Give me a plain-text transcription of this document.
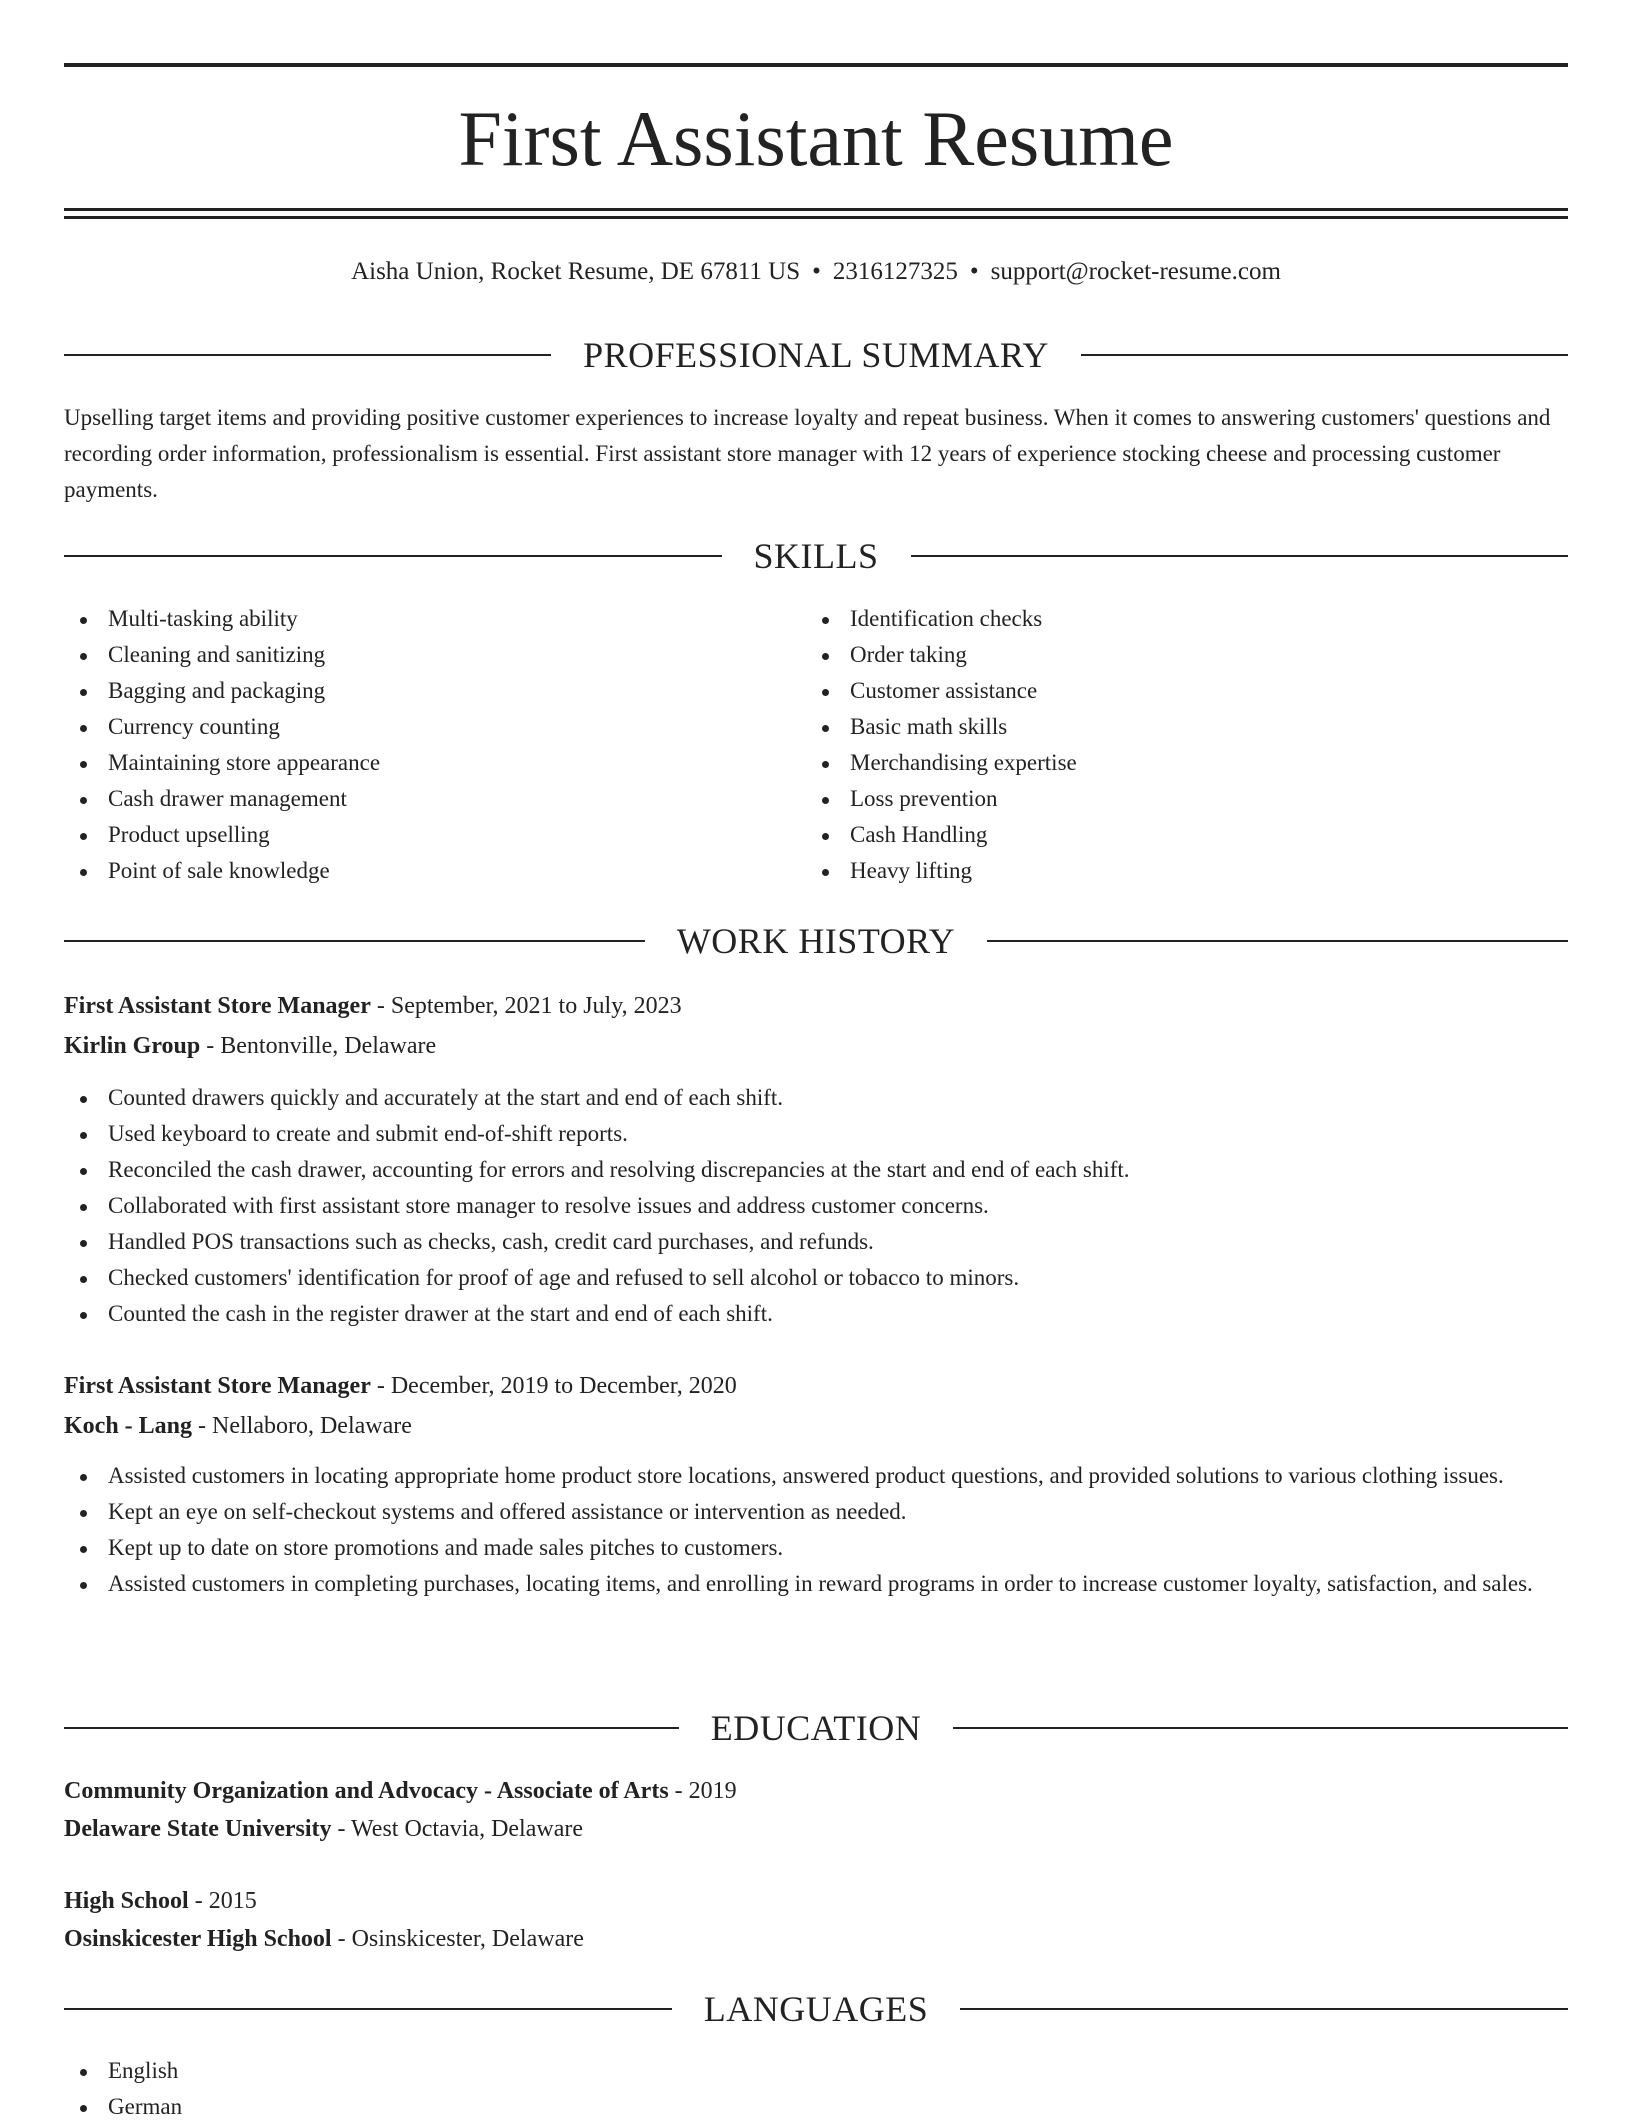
First Assistant Resume
Aisha Union, Rocket Resume, DE 67811 US • 2316127325 • support@rocket-resume.com
PROFESSIONAL SUMMARY

Upselling target items and providing positive customer experiences to increase loyalty and repeat business. When it comes to answering customers' questions and recording order information, professionalism is essential. First assistant store manager with 12 years of experience stocking cheese and processing customer payments.

SKILLS
Multi-tasking ability
Cleaning and sanitizing
Bagging and packaging
Currency counting
Maintaining store appearance
Cash drawer management
Product upselling
Point of sale knowledge
Identification checks
Order taking
Customer assistance
Basic math skills
Merchandising expertise
Loss prevention
Cash Handling
Heavy lifting
WORK HISTORY
First Assistant Store Manager - September, 2021 to July, 2023
Kirlin Group - Bentonville, Delaware
Counted drawers quickly and accurately at the start and end of each shift.
Used keyboard to create and submit end-of-shift reports.
Reconciled the cash drawer, accounting for errors and resolving discrepancies at the start and end of each shift.
Collaborated with first assistant store manager to resolve issues and address customer concerns.
Handled POS transactions such as checks, cash, credit card purchases, and refunds.
Checked customers' identification for proof of age and refused to sell alcohol or tobacco to minors.
Counted the cash in the register drawer at the start and end of each shift.
First Assistant Store Manager - December, 2019 to December, 2020
Koch - Lang - Nellaboro, Delaware
Assisted customers in locating appropriate home product store locations, answered product questions, and provided solutions to various clothing issues.
Kept an eye on self-checkout systems and offered assistance or intervention as needed.
Kept up to date on store promotions and made sales pitches to customers.
Assisted customers in completing purchases, locating items, and enrolling in reward programs in order to increase customer loyalty, satisfaction, and sales.
EDUCATION
Community Organization and Advocacy - Associate of Arts - 2019
Delaware State University - West Octavia, Delaware
High School - 2015
Osinskicester High School - Osinskicester, Delaware
LANGUAGES
English
German
